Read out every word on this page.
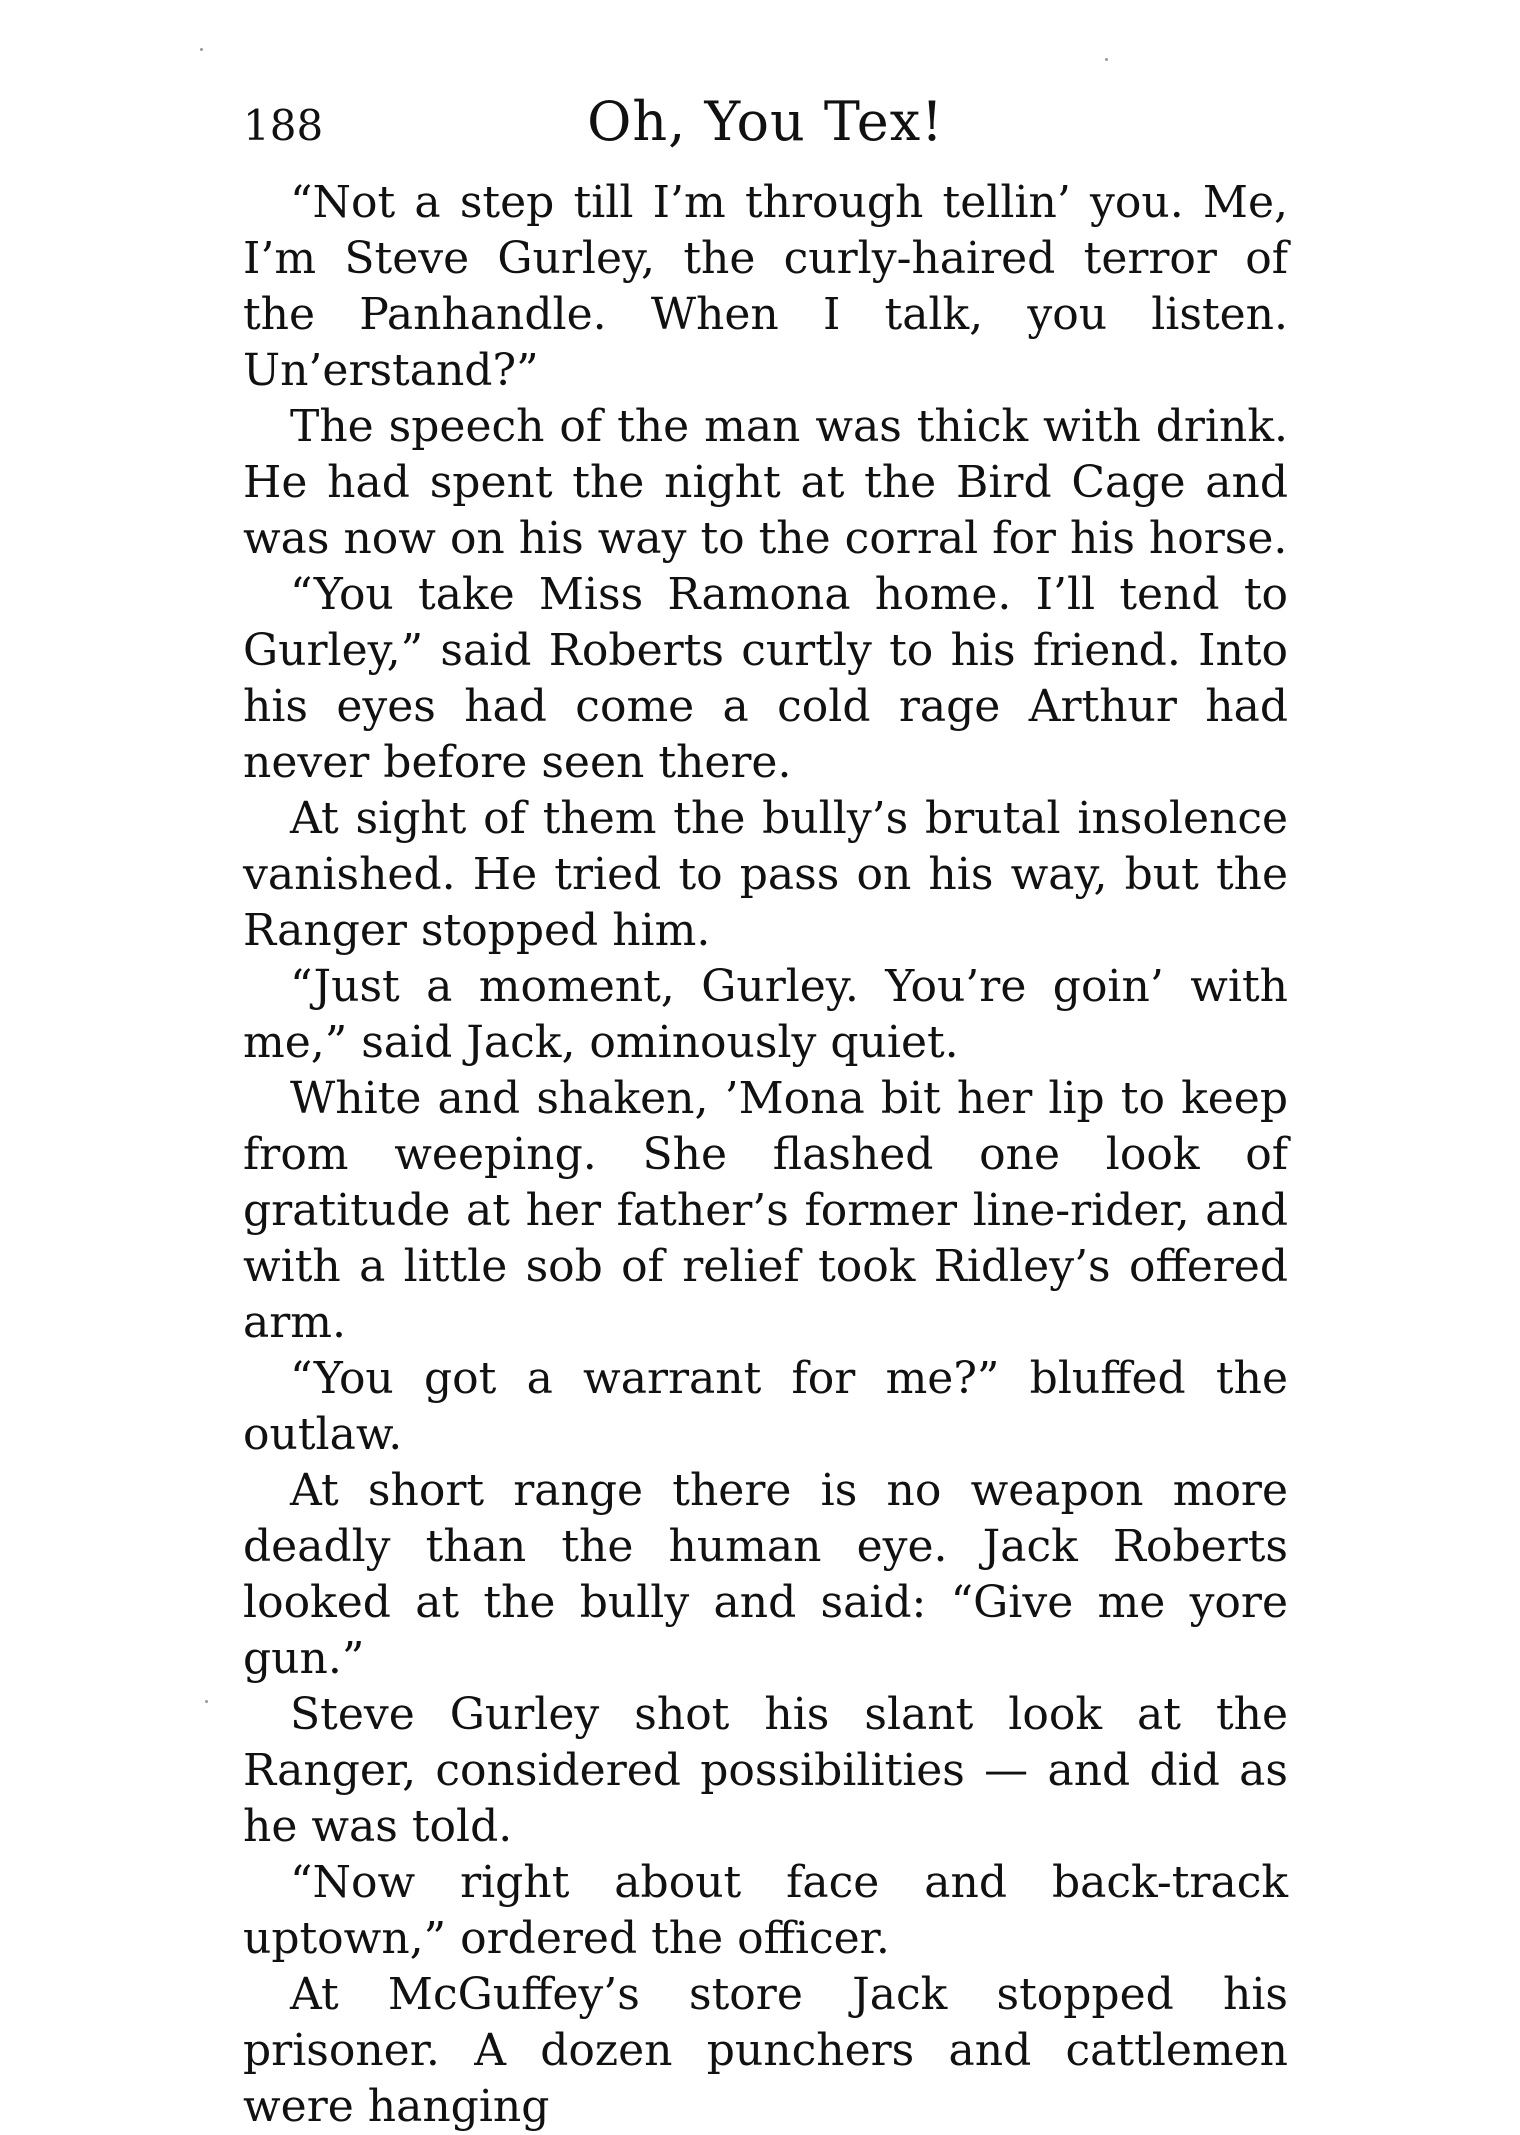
188	Oh, You Tex!

“Not a step till I’m through tellin’ you. Me, I’m Steve Gurley, the curly-haired terror of the Panhandle. When I talk, you listen. Un’erstand?”

The speech of the man was thick with drink. He had spent the night at the Bird Cage and was now on his way to the corral for his horse.

“You take Miss Ramona home. I’ll tend to Gurley,” said Roberts curtly to his friend. Into his eyes had come a cold rage Arthur had never before seen there.

At sight of them the bully’s brutal insolence vanished. He tried to pass on his way, but the Ranger stopped him.

“Just a moment, Gurley. You’re goin’ with me,” said Jack, ominously quiet.

White and shaken, ’Mona bit her lip to keep from weeping. She flashed one look of gratitude at her father’s former line-rider, and with a little sob of relief took Ridley’s offered arm.

“You got a warrant for me?” bluffed the outlaw.

At short range there is no weapon more deadly than the human eye. Jack Roberts looked at the bully and said: “Give me yore gun.”

Steve Gurley shot his slant look at the Ranger, considered possibilities — and did as he was told.

“Now right about face and back-track uptown,” ordered the officer.

At McGuffey’s store Jack stopped his prisoner. A dozen punchers and cattlemen were hanging
